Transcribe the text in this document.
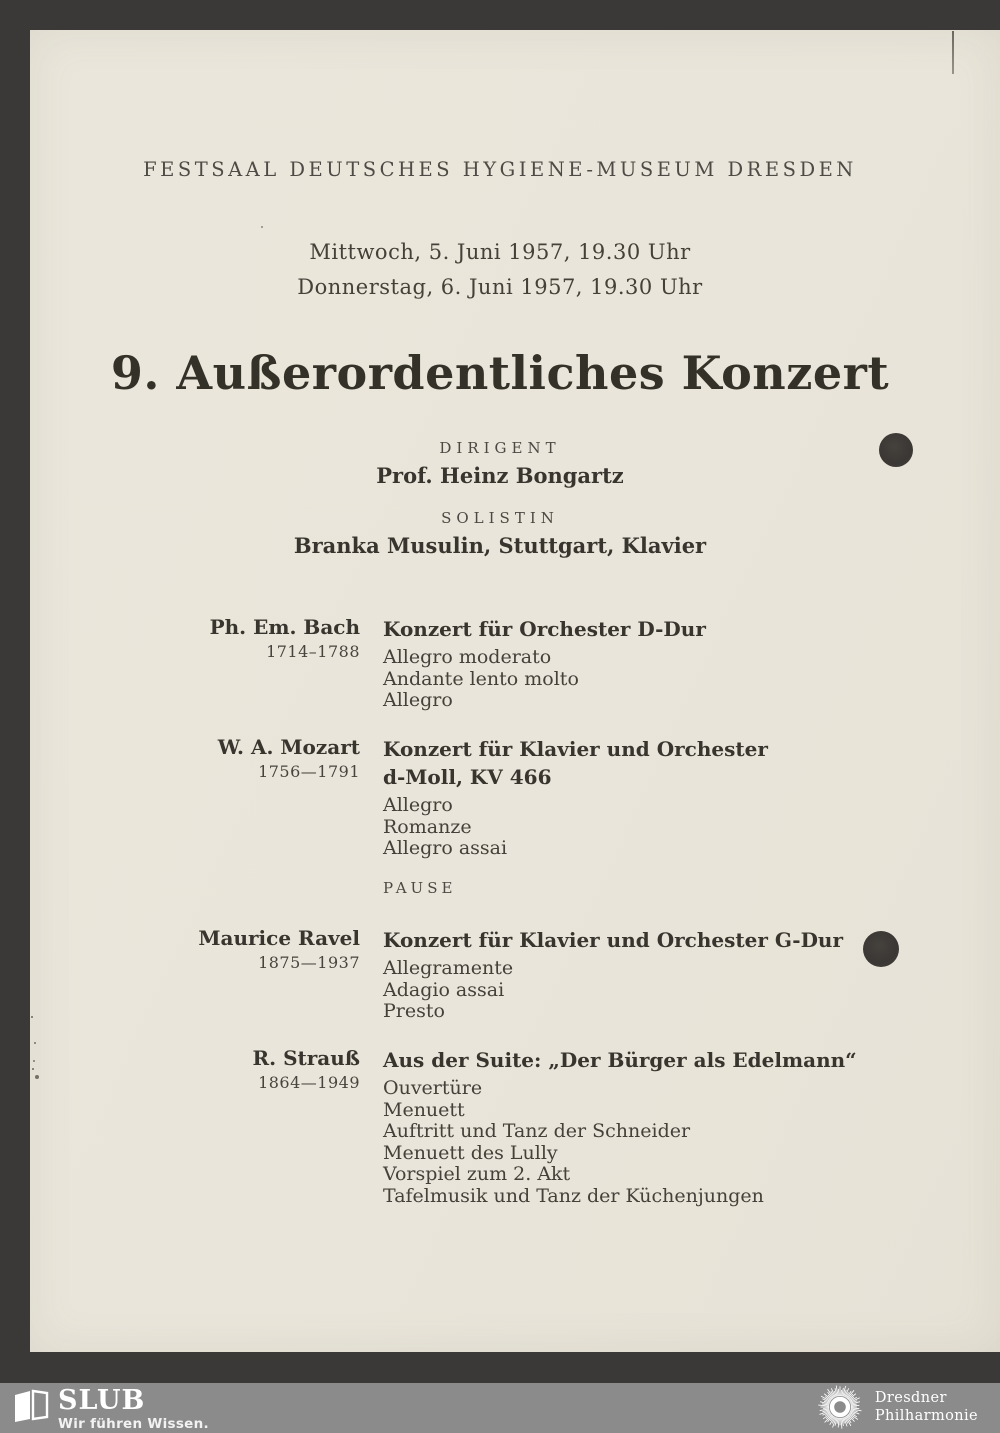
FESTSAAL DEUTSCHES HYGIENE-MUSEUM DRESDEN
Mittwoch, 5. Juni 1957, 19.30 Uhr
Donnerstag, 6. Juni 1957, 19.30 Uhr
9. Außerordentliches Konzert
DIRIGENT
Prof. Heinz Bongartz
SOLISTIN
Branka Musulin, Stuttgart, Klavier
Ph. Em. Bach
1714–1788
Konzert für Orchester D-Dur
Allegro moderato
Andante lento molto
Allegro
W. A. Mozart
1756—1791
Konzert für Klavier und Orchester
d-Moll, KV 466
Allegro
Romanze
Allegro assai
PAUSE
Maurice Ravel
1875—1937
Konzert für Klavier und Orchester G-Dur
Allegramente
Adagio assai
Presto
R. Strauß
1864—1949
Aus der Suite: „Der Bürger als Edelmann“
Ouvertüre
Menuett
Auftritt und Tanz der Schneider
Menuett des Lully
Vorspiel zum 2. Akt
Tafelmusik und Tanz der Küchenjungen
SLUB
Wir führen Wissen.
Dresdner
Philharmonie
